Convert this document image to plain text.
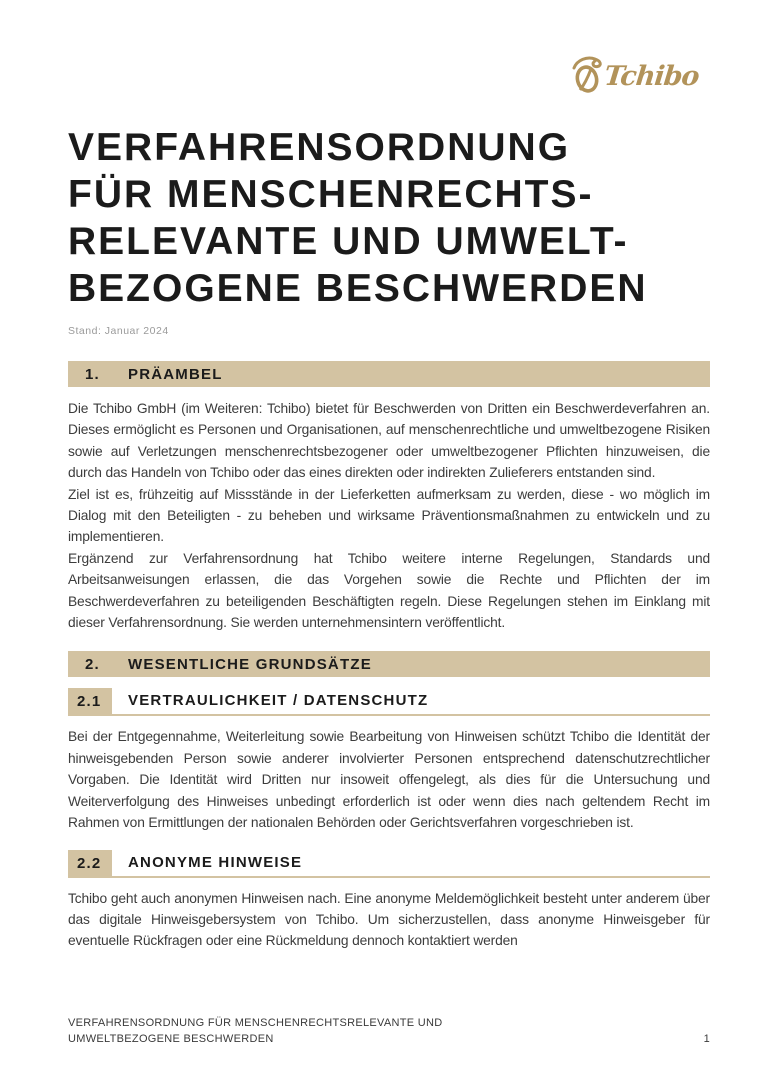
Tchibo
VERFAHRENSORDNUNG
FÜR MENSCHENRECHTS-
RELEVANTE UND UMWELT-
BEZOGENE BESCHWERDEN
Stand: Januar 2024
1.	PRÄAMBEL

Die Tchibo GmbH (im Weiteren: Tchibo) bietet für Beschwerden von Dritten ein Beschwerdeverfahren an. Dieses ermöglicht es Personen und Organisationen, auf menschenrechtliche und umweltbezogene Risiken sowie auf Verletzungen menschenrechtsbezogener oder umweltbezogener Pflichten hinzuweisen, die durch das Handeln von Tchibo oder das eines direkten oder indirekten Zulieferers entstanden sind.

Ziel ist es, frühzeitig auf Missstände in der Lieferketten aufmerksam zu werden, diese - wo möglich im Dialog mit den Beteiligten - zu beheben und wirksame Präventionsmaßnahmen zu entwickeln und zu implementieren.

Ergänzend zur Verfahrensordnung hat Tchibo weitere interne Regelungen, Standards und Arbeitsanweisungen erlassen, die das Vorgehen sowie die Rechte und Pflichten der im Beschwerdeverfahren zu beteiligenden Beschäftigten regeln. Diese Regelungen stehen im Einklang mit dieser Verfahrensordnung. Sie werden unternehmensintern veröffentlicht.

2.	WESENTLICHE GRUNDSÄTZE
2.1	VERTRAULICHKEIT / DATENSCHUTZ

Bei der Entgegennahme, Weiterleitung sowie Bearbeitung von Hinweisen schützt Tchibo die Identität der hinweisgebenden Person sowie anderer involvierter Personen entsprechend datenschutzrechtlicher Vorgaben. Die Identität wird Dritten nur insoweit offengelegt, als dies für die Untersuchung und Weiterverfolgung des Hinweises unbedingt erforderlich ist oder wenn dies nach geltendem Recht im Rahmen von Ermittlungen der nationalen Behörden oder Gerichtsverfahren vorgeschrieben ist.

2.2	ANONYME HINWEISE

Tchibo geht auch anonymen Hinweisen nach. Eine anonyme Meldemöglichkeit besteht unter anderem über das digitale Hinweisgebersystem von Tchibo. Um sicherzustellen, dass anonyme Hinweisgeber für eventuelle Rückfragen oder eine Rückmeldung dennoch kontaktiert werden

VERFAHRENSORDNUNG FÜR MENSCHENRECHTSRELEVANTE UND
UMWELTBEZOGENE BESCHWERDEN	1
